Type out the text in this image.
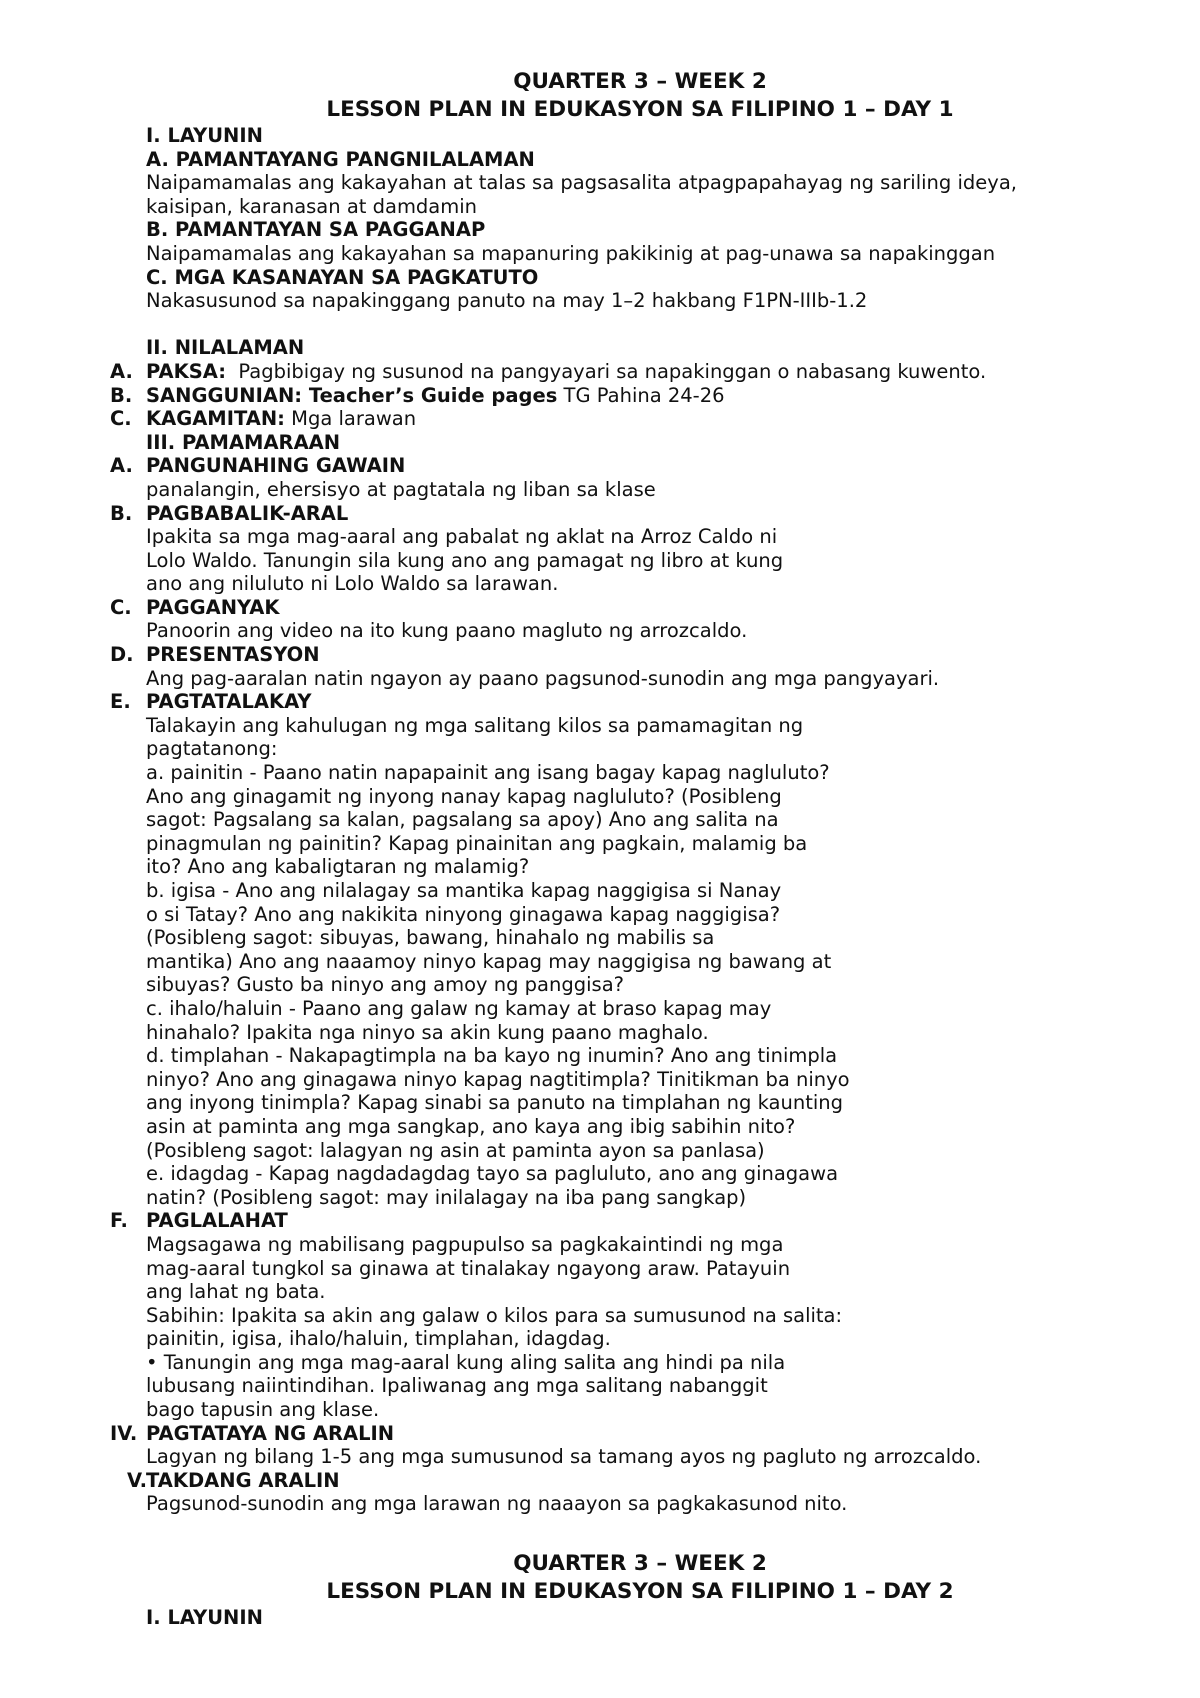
QUARTER 3 – WEEK 2
LESSON PLAN IN EDUKASYON SA FILIPINO 1 – DAY 1
I. LAYUNIN
A. PAMANTAYANG PANGNILALAMAN
Naipamamalas ang kakayahan at talas sa pagsasalita atpagpapahayag ng sariling ideya,
kaisipan, karanasan at damdamin
B. PAMANTAYAN SA PAGGANAP
Naipamamalas ang kakayahan sa mapanuring pakikinig at pag-unawa sa napakinggan
C. MGA KASANAYAN SA PAGKATUTO
Nakasusunod sa napakinggang panuto na may 1–2 hakbang F1PN-IIIb-1.2
II. NILALAMAN
A. PAKSA:  Pagbibigay ng susunod na pangyayari sa napakinggan o nabasang kuwento.
B. SANGGUNIAN: Teacher’s Guide pages TG Pahina 24-26
C. KAGAMITAN: Mga larawan
III. PAMAMARAAN
A. PANGUNAHING GAWAIN
panalangin, ehersisyo at pagtatala ng liban sa klase
B. PAGBABALIK-ARAL
Ipakita sa mga mag-aaral ang pabalat ng aklat na Arroz Caldo ni
Lolo Waldo. Tanungin sila kung ano ang pamagat ng libro at kung
ano ang niluluto ni Lolo Waldo sa larawan.
C. PAGGANYAK
Panoorin ang video na ito kung paano magluto ng arrozcaldo.
D. PRESENTASYON
Ang pag-aaralan natin ngayon ay paano pagsunod-sunodin ang mga pangyayari.
E. PAGTATALAKAY
Talakayin ang kahulugan ng mga salitang kilos sa pamamagitan ng
pagtatanong:
a. painitin - Paano natin napapainit ang isang bagay kapag nagluluto?
Ano ang ginagamit ng inyong nanay kapag nagluluto? (Posibleng
sagot: Pagsalang sa kalan, pagsalang sa apoy) Ano ang salita na
pinagmulan ng painitin? Kapag pinainitan ang pagkain, malamig ba
ito? Ano ang kabaligtaran ng malamig?
b. igisa - Ano ang nilalagay sa mantika kapag naggigisa si Nanay
o si Tatay? Ano ang nakikita ninyong ginagawa kapag naggigisa?
(Posibleng sagot: sibuyas, bawang, hinahalo ng mabilis sa
mantika) Ano ang naaamoy ninyo kapag may naggigisa ng bawang at
sibuyas? Gusto ba ninyo ang amoy ng panggisa?
c. ihalo/haluin - Paano ang galaw ng kamay at braso kapag may
hinahalo? Ipakita nga ninyo sa akin kung paano maghalo.
d. timplahan - Nakapagtimpla na ba kayo ng inumin? Ano ang tinimpla
ninyo? Ano ang ginagawa ninyo kapag nagtitimpla? Tinitikman ba ninyo
ang inyong tinimpla? Kapag sinabi sa panuto na timplahan ng kaunting
asin at paminta ang mga sangkap, ano kaya ang ibig sabihin nito?
(Posibleng sagot: lalagyan ng asin at paminta ayon sa panlasa)
e. idagdag - Kapag nagdadagdag tayo sa pagluluto, ano ang ginagawa
natin? (Posibleng sagot: may inilalagay na iba pang sangkap)
F. PAGLALAHAT
Magsagawa ng mabilisang pagpupulso sa pagkakaintindi ng mga
mag-aaral tungkol sa ginawa at tinalakay ngayong araw. Patayuin
ang lahat ng bata.
Sabihin: Ipakita sa akin ang galaw o kilos para sa sumusunod na salita:
painitin, igisa, ihalo/haluin, timplahan, idagdag.
• Tanungin ang mga mag-aaral kung aling salita ang hindi pa nila
lubusang naiintindihan. Ipaliwanag ang mga salitang nabanggit
bago tapusin ang klase.
IV. PAGTATAYA NG ARALIN
Lagyan ng bilang 1-5 ang mga sumusunod sa tamang ayos ng pagluto ng arrozcaldo.
V. TAKDANG ARALIN
Pagsunod-sunodin ang mga larawan ng naaayon sa pagkakasunod nito.
QUARTER 3 – WEEK 2
LESSON PLAN IN EDUKASYON SA FILIPINO 1 – DAY 2
I. LAYUNIN
